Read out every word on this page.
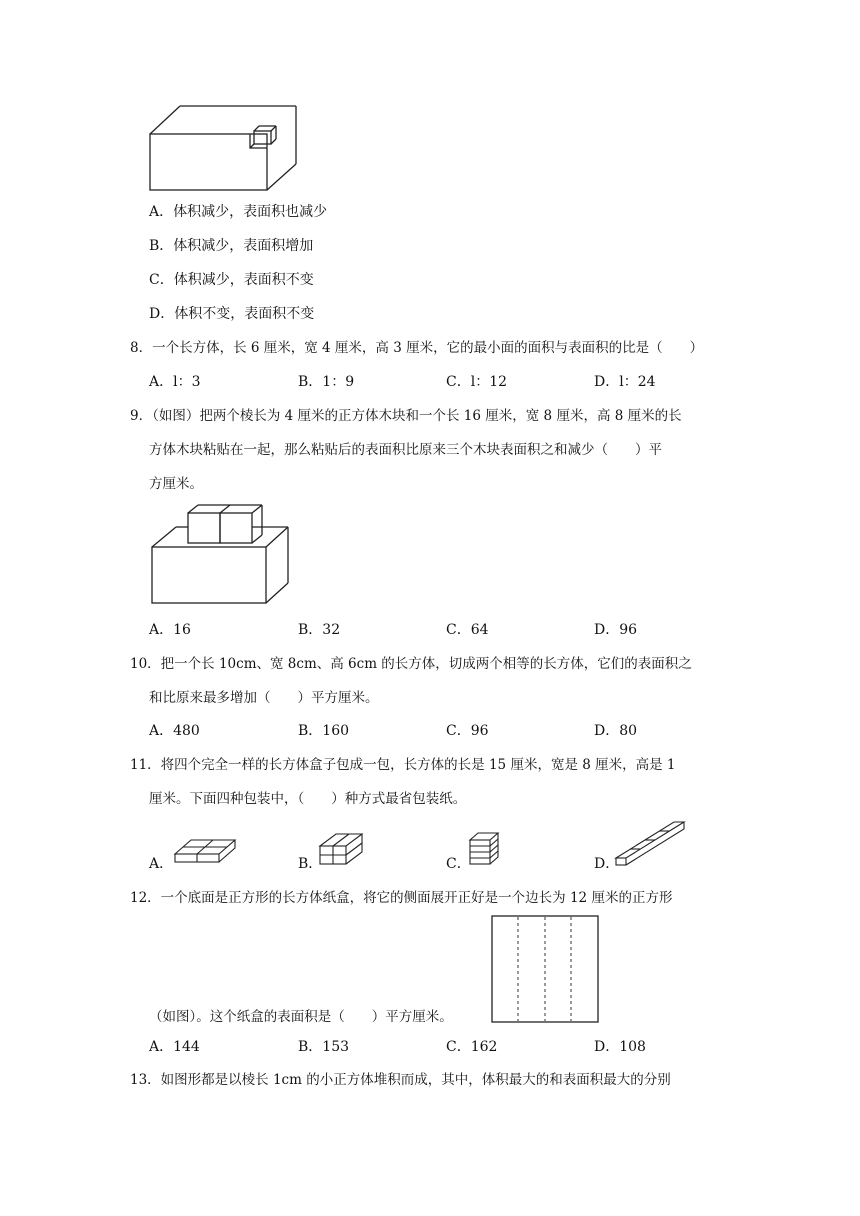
A．体积减少，表面积也减少
B．体积减少，表面积增加
C．体积减少，表面积不变
D．体积不变，表面积不变
8．一个长方体，长 6 厘米，宽 4 厘米，高 3 厘米，它的最小面的面积与表面积的比是（　　）
A．l：3	B．1：9	C．l：12	D．l：24
9．（如图）把两个棱长为 4 厘米的正方体木块和一个长 16 厘米，宽 8 厘米，高 8 厘米的长
方体木块粘贴在一起，那么粘贴后的表面积比原来三个木块表面积之和减少（　　）平
方厘米。
A．16	B．32	C．64	D．96
10．把一个长 10cm、宽 8cm、高 6cm 的长方体，切成两个相等的长方体，它们的表面积之
和比原来最多增加（　　）平方厘米。
A．480	B．160	C．96	D．80
11．将四个完全一样的长方体盒子包成一包，长方体的长是 15 厘米，宽是 8 厘米，高是 1
厘米。下面四种包装中，（　　）种方式最省包装纸。
A．	B．	C．	D．
12．一个底面是正方形的长方体纸盒，将它的侧面展开正好是一个边长为 12 厘米的正方形
（如图）。这个纸盒的表面积是（　　）平方厘米。
A．144	B．153	C．162	D．108
13．如图形都是以棱长 1cm 的小正方体堆积而成，其中，体积最大的和表面积最大的分别
